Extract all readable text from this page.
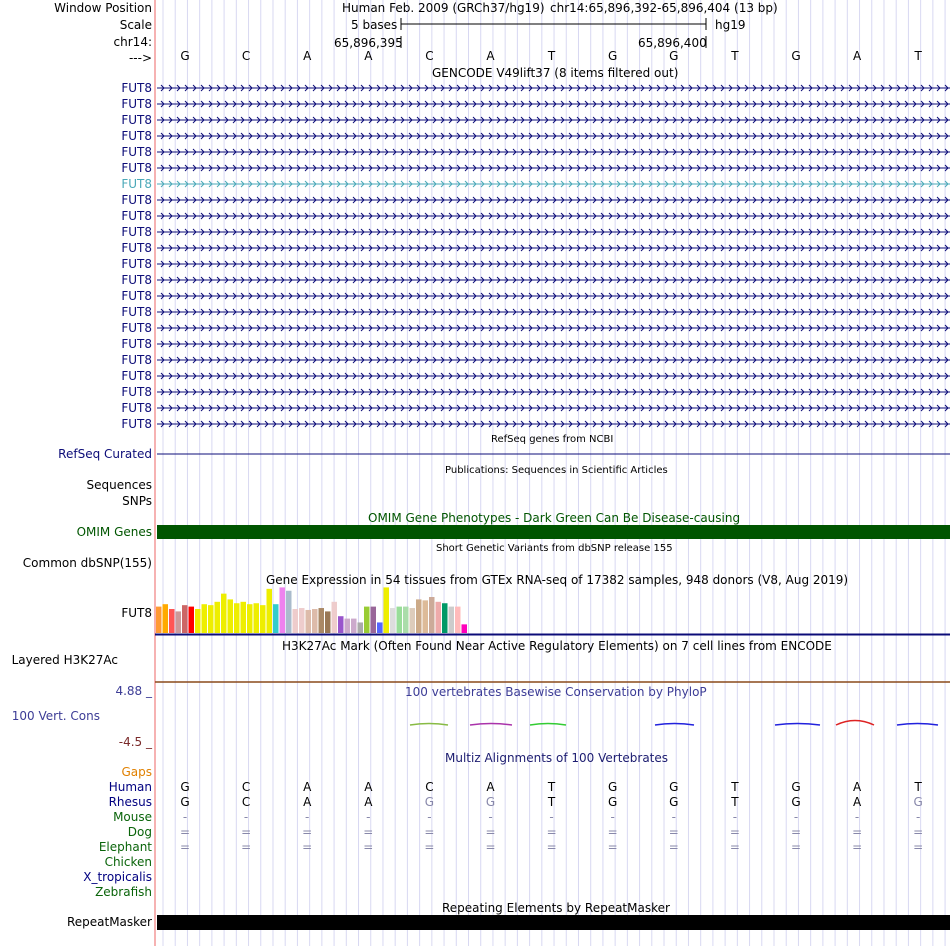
Window Position
Scale
chr14:
--->
Human Feb. 2009 (GRCh37/hg19) chr14:65,896,392-65,896,404 (13 bp)
5 bases	hg19
65,896,395	65,896,400
G	C	A	A	C	A	T	G	G	T	G	A	T
GENCODE V49lift37 (8 items filtered out)
FUT8
FUT8
FUT8
FUT8
FUT8
FUT8
FUT8
FUT8
FUT8
FUT8
FUT8
FUT8
FUT8
FUT8
FUT8
FUT8
FUT8
FUT8
FUT8
FUT8
FUT8
FUT8
RefSeq genes from NCBI
RefSeq Curated
Publications: Sequences in Scientific Articles
Sequences
SNPs
OMIM Gene Phenotypes - Dark Green Can Be Disease-causing
OMIM Genes
Short Genetic Variants from dbSNP release 155
Common dbSNP(155)
Gene Expression in 54 tissues from GTEx RNA-seq of 17382 samples, 948 donors (V8, Aug 2019)
FUT8
H3K27Ac Mark (Often Found Near Active Regulatory Elements) on 7 cell lines from ENCODE
Layered H3K27Ac
100 vertebrates Basewise Conservation by PhyloP
4.88 _
100 Vert. Cons
-4.5 _
Multiz Alignments of 100 Vertebrates
Gaps
Human	G	C	A	A	C	A	T	G	G	T	G	A	T
Rhesus	G	C	A	A	G	G	T	G	G	T	G	A	G
Mouse	-	-	-	-	-	-	-	-	-	-	-	-	-
Dog	=	=	=	=	=	=	=	=	=	=	=	=	=
Elephant	=	=	=	=	=	=	=	=	=	=	=	=	=
Chicken
X_tropicalis
Zebrafish
Repeating Elements by RepeatMasker
RepeatMasker
